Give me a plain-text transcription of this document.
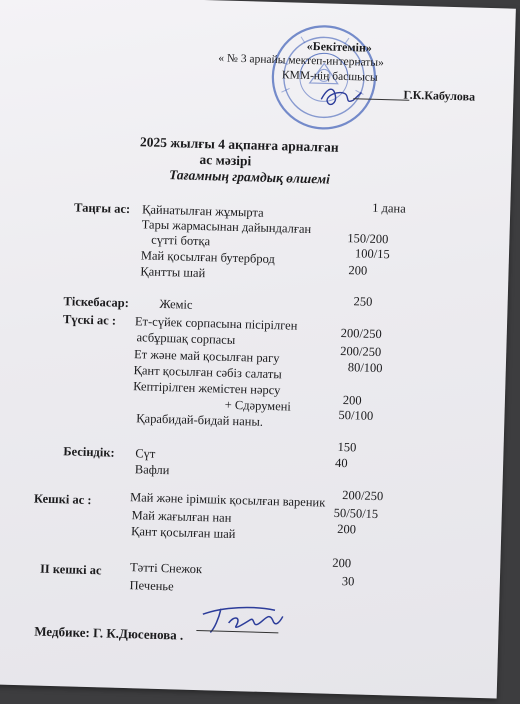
«Бекітемін»
« № 3 арнайы мектеп-интернаты»
КММ-нің басшысы
Г.К.Кабулова
2025 жылғы 4 ақпанға арналған
ас мәзірі
Тағамның грамдық өлшемі
Таңғы ас: Қайнатылған жұмырта	1 дана
Тары жармасынан дайындалған
сүтті ботқа	150/200
Май қосылған бутерброд	100/15
Қантты шай	200
Тіскебасар: Жеміс	250
Түскі ас : Ет-сүйек сорпасына пісірілген
асбұршақ сорпасы	200/250
Ет және май қосылған рагу	200/250
Қант қосылған сәбіз салаты	80/100
Кептірілген жемістен нәрсу
+ Сдәрумені	200
Қарабидай-бидай наны.	50/100
Бесіндік: Сүт	150
Вафли	40
Кешкі ас :	Май және ірімшік қосылған вареник 200/250
Май жағылған нан	50/50/15
Қант қосылған шай	200
ІІ кешкі ас Тәтті Снежок	200
Печенье	30
Медбике: Г. К.Дюсенова .
